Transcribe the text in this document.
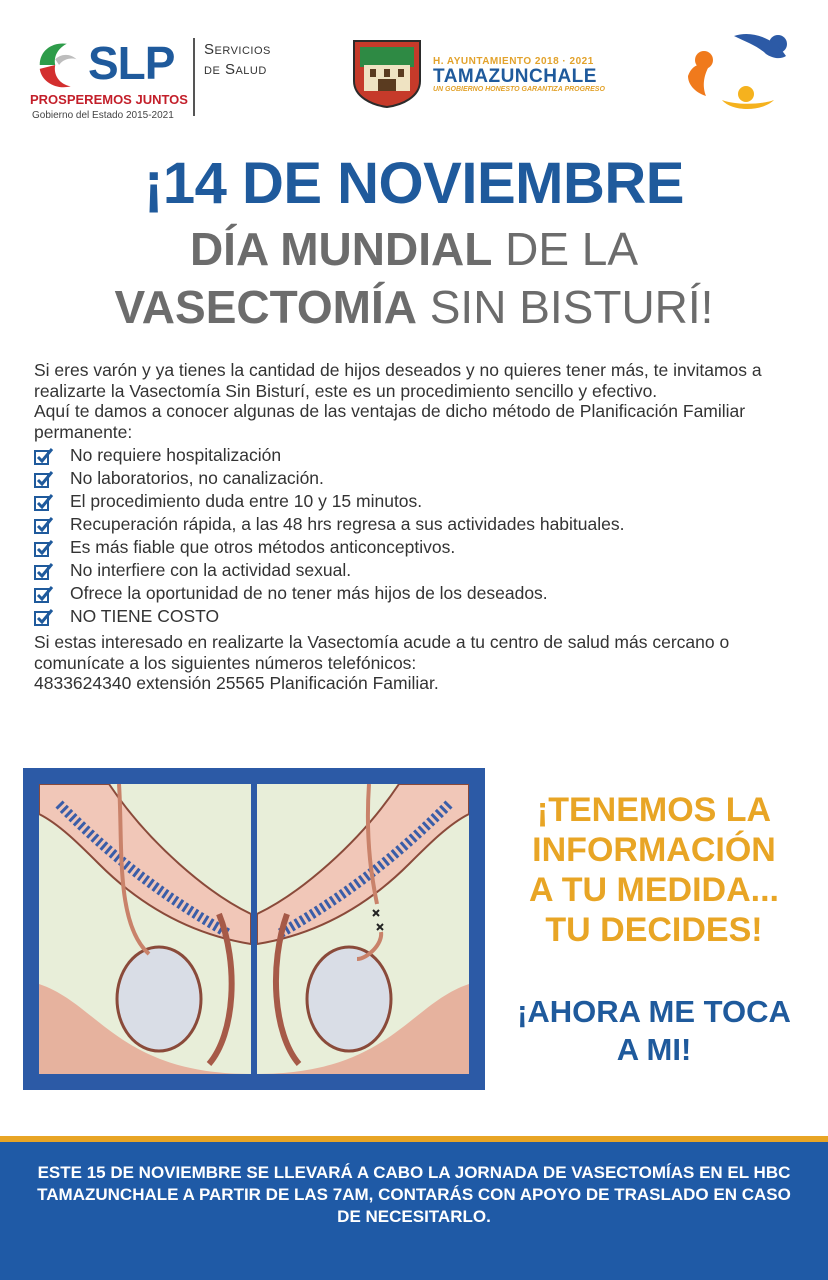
SLP
PROSPEREMOS JUNTOS
Gobierno del Estado 2015-2021
Servicios
de Salud	H. AYUNTAMIENTO 2018 · 2021
TAMAZUNCHALE
UN GOBIERNO HONESTO GARANTIZA PROGRESO
¡14 DE NOVIEMBRE
DÍA MUNDIAL DE LA
VASECTOMÍA SIN BISTURÍ!

Si eres varón y ya tienes la cantidad de hijos deseados y no quieres tener más, te invitamos a realizarte la Vasectomía Sin Bisturí, este es un procedimiento sencillo y efectivo.

Aquí te damos a conocer algunas de las ventajas de dicho método de Planificación Familiar permanente:

No requiere hospitalización
No laboratorios, no canalización.
El procedimiento duda entre 10 y 15 minutos.
Recuperación rápida, a las 48 hrs regresa a sus actividades habituales.
Es más fiable que otros métodos anticonceptivos.
No interfiere con la actividad sexual.
Ofrece la oportunidad de no tener más hijos de los deseados.
NO TIENE COSTO

Si estas interesado en realizarte la Vasectomía acude a tu centro de salud más cercano o comunícate a los siguientes números telefónicos:

4833624340 extensión 25565 Planificación Familiar.

¡TENEMOS LA
INFORMACIÓN
A TU MEDIDA...
TU DECIDES!
¡AHORA ME TOCA
A MI!
ESTE 15 DE NOVIEMBRE SE LLEVARÁ A CABO LA JORNADA DE VASECTOMÍAS EN EL HBC TAMAZUNCHALE A PARTIR DE LAS 7AM, CONTARÁS CON APOYO DE TRASLADO EN CASO DE NECESITARLO.
